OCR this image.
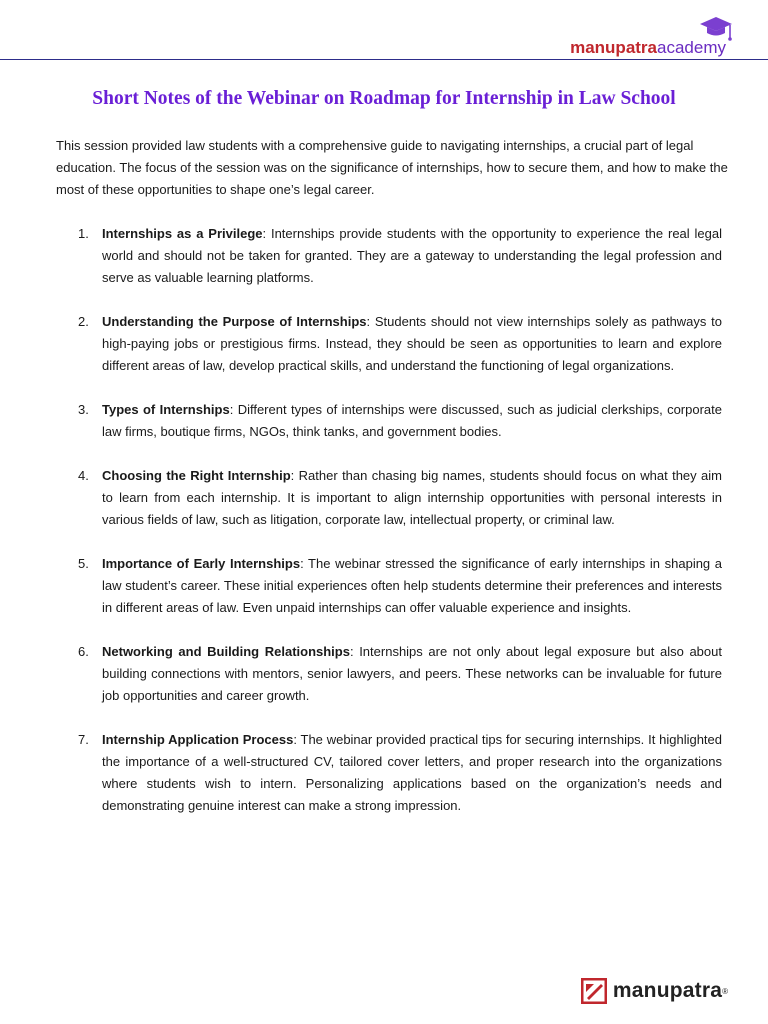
manupatraacademy
Short Notes of the Webinar on Roadmap for Internship in Law School

This session provided law students with a comprehensive guide to navigating internships, a crucial part of legal education. The focus of the session was on the significance of internships, how to secure them, and how to make the most of these opportunities to shape one’s legal career.

1. Internships as a Privilege: Internships provide students with the opportunity to experience the real legal world and should not be taken for granted. They are a gateway to understanding the legal profession and serve as valuable learning platforms.
2. Understanding the Purpose of Internships: Students should not view internships solely as pathways to high-paying jobs or prestigious firms. Instead, they should be seen as opportunities to learn and explore different areas of law, develop practical skills, and understand the functioning of legal organizations.
3. Types of Internships: Different types of internships were discussed, such as judicial clerkships, corporate law firms, boutique firms, NGOs, think tanks, and government bodies.
4. Choosing the Right Internship: Rather than chasing big names, students should focus on what they aim to learn from each internship. It is important to align internship opportunities with personal interests in various fields of law, such as litigation, corporate law, intellectual property, or criminal law.
5. Importance of Early Internships: The webinar stressed the significance of early internships in shaping a law student’s career. These initial experiences often help students determine their preferences and interests in different areas of law. Even unpaid internships can offer valuable experience and insights.
6. Networking and Building Relationships: Internships are not only about legal exposure but also about building connections with mentors, senior lawyers, and peers. These networks can be invaluable for future job opportunities and career growth.
7. Internship Application Process: The webinar provided practical tips for securing internships. It highlighted the importance of a well-structured CV, tailored cover letters, and proper research into the organizations where students wish to intern. Personalizing applications based on the organization’s needs and demonstrating genuine interest can make a strong impression.
manupatra ®
